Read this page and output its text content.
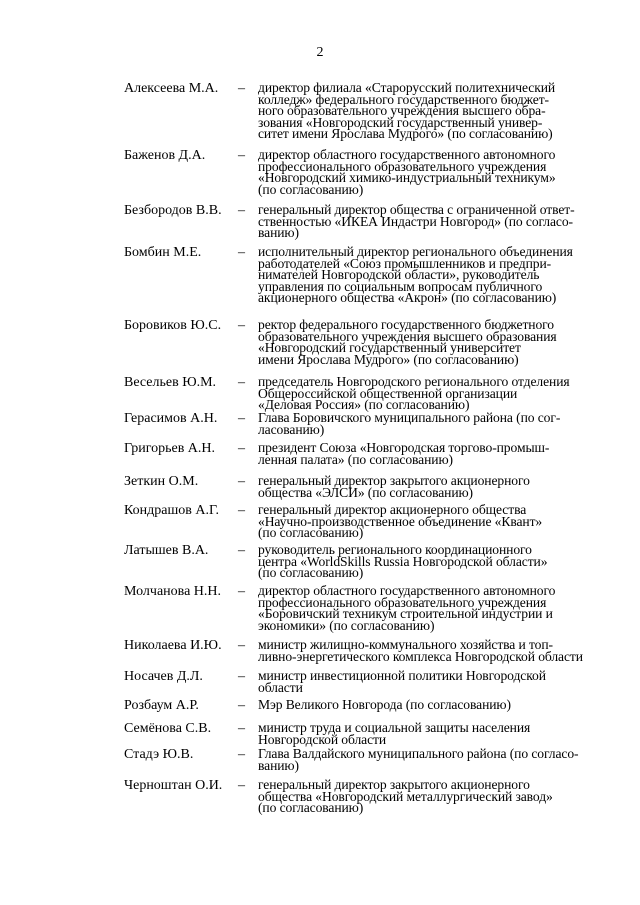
2
Алексеева М.А.	– директор филиала «Старорусский политехнический
колледж» федерального государственного бюджет-
ного образовательного учреждения высшего обра-
зования «Новгородский государственный универ-
ситет имени Ярослава Мудрого» (по согласованию)
Баженов Д.А.	– директор областного государственного автономного
профессионального образовательного учреждения
«Новгородский химико-индустриальный техникум»
(по согласованию)
Безбородов В.В.	– генеральный директор общества с ограниченной ответ-
ственностью «ИКЕА Индастри Новгород» (по согласо-
ванию)
Бомбин М.Е.	– исполнительный директор регионального объединения
работодателей «Союз промышленников и предпри-
нимателей Новгородской области», руководитель
управления по социальным вопросам публичного
акционерного общества «Акрон» (по согласованию)
Боровиков Ю.С.	– ректор федерального государственного бюджетного
образовательного учреждения высшего образования
«Новгородский государственный университет
имени Ярослава Мудрого» (по согласованию)
Весельев Ю.М.	– председатель Новгородского регионального отделения
Общероссийской общественной организации
«Деловая Россия» (по согласованию)
Герасимов А.Н.	– Глава Боровичского муниципального района (по сог-
ласованию)
Григорьев А.Н.	– президент Союза «Новгородская торгово-промыш-
ленная палата» (по согласованию)
Зеткин О.М.	– генеральный директор закрытого акционерного
общества «ЭЛСИ» (по согласованию)
Кондрашов А.Г.	– генеральный директор акционерного общества
«Научно-производственное объединение «Квант»
(по согласованию)
Латышев В.А.	– руководитель регионального координационного
центра «WorldSkills Russia Новгородской области»
(по согласованию)
Молчанова Н.Н.	– директор областного государственного автономного
профессионального образовательного учреждения
«Боровичский техникум строительной индустрии и
экономики» (по согласованию)
Николаева И.Ю.	– министр жилищно-коммунального хозяйства и топ-
ливно-энергетического комплекса Новгородской области
Носачев Д.Л.	– министр инвестиционной политики Новгородской
области
Розбаум А.Р.	– Мэр Великого Новгорода (по согласованию)
Семёнова С.В.	– министр труда и социальной защиты населения
Новгородской области
Стадэ Ю.В.	– Глава Валдайского муниципального района (по согласо-
ванию)
Черноштан О.И.	– генеральный директор закрытого акционерного
общества «Новгородский металлургический завод»
(по согласованию)
